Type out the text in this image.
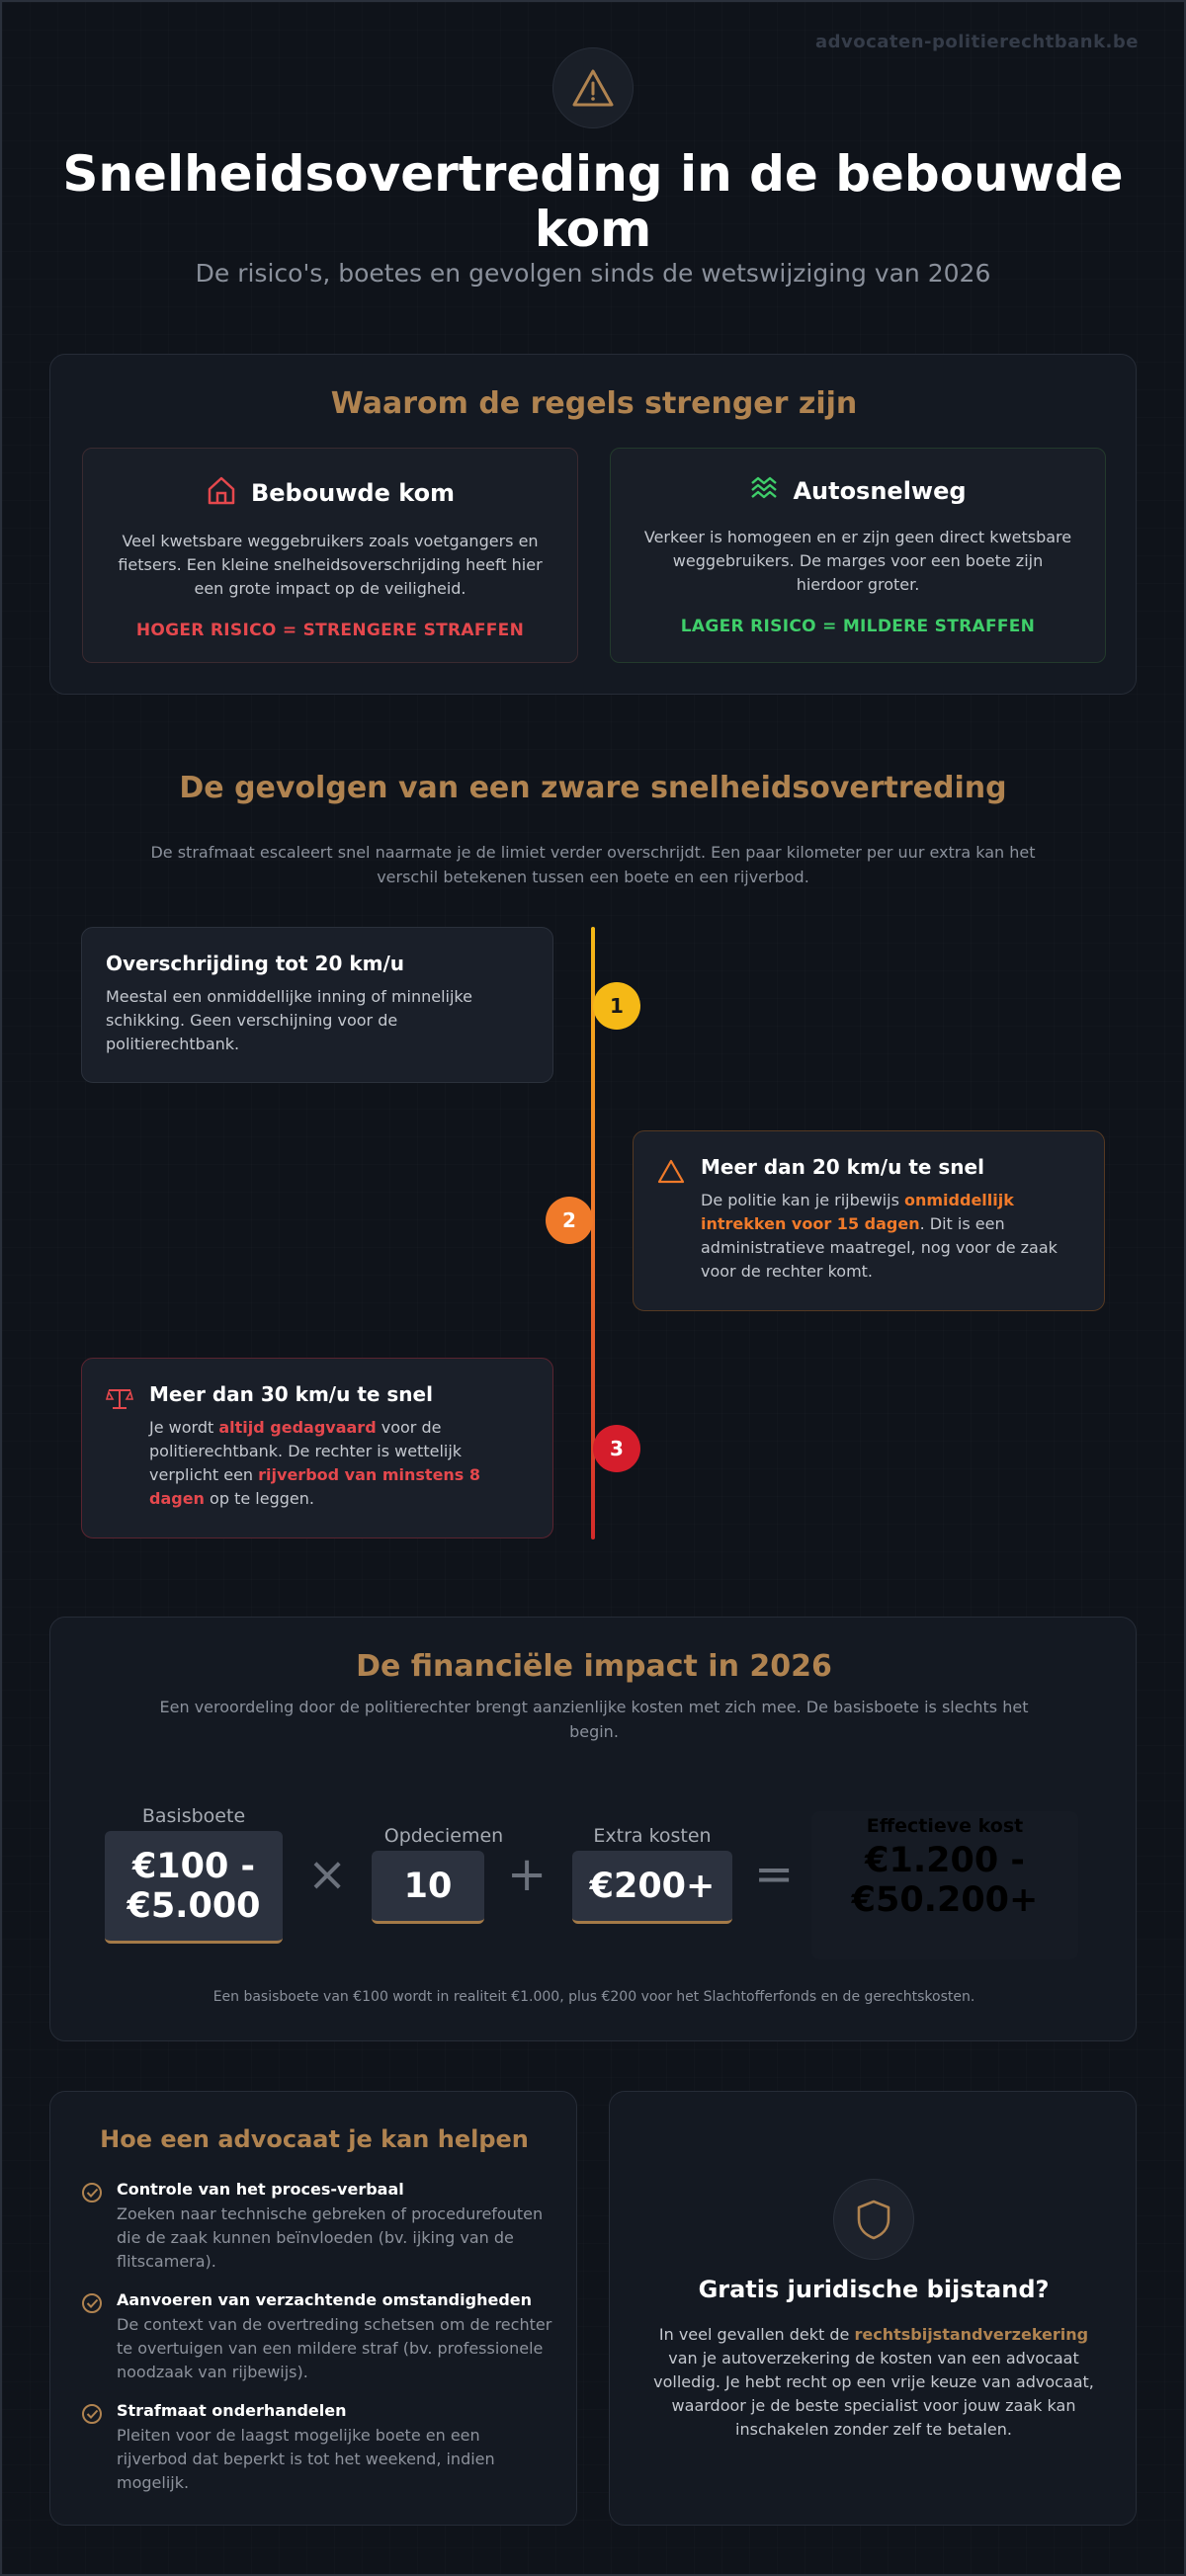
advocaten-politierechtbank.be
Snelheidsovertreding in de bebouwde kom
De risico's, boetes en gevolgen sinds de wetswijziging van 2026
Waarom de regels strenger zijn
Bebouwde kom
Veel kwetsbare weggebruikers zoals voetgangers en fietsers. Een kleine snelheidsoverschrijding heeft hier een grote impact op de veiligheid.
HOGER RISICO = STRENGERE STRAFFEN
Autosnelweg
Verkeer is homogeen en er zijn geen direct kwetsbare weggebruikers. De marges voor een boete zijn hierdoor groter.
LAGER RISICO = MILDERE STRAFFEN
De gevolgen van een zware snelheidsovertreding
De strafmaat escaleert snel naarmate je de limiet verder overschrijdt. Een paar kilometer per uur extra kan het verschil betekenen tussen een boete en een rijverbod.
1
2
3
Overschrijding tot 20 km/u
Meestal een onmiddellijke inning of minnelijke schikking. Geen verschijning voor de politierechtbank.
Meer dan 20 km/u te snel
De politie kan je rijbewijs onmiddellijk intrekken voor 15 dagen. Dit is een administratieve maatregel, nog voor de zaak voor de rechter komt.
Meer dan 30 km/u te snel
Je wordt altijd gedagvaard voor de politierechtbank. De rechter is wettelijk verplicht een rijverbod van minstens 8 dagen op te leggen.
De financiële impact in 2026
Een veroordeling door de politierechter brengt aanzienlijke kosten met zich mee. De basisboete is slechts het begin.
Basisboete
€100 - €5.000
×
Opdeciemen
10	+
Extra kosten
€200+ =
Effectieve kost
€1.200 - €50.200+
Een basisboete van €100 wordt in realiteit €1.000, plus €200 voor het Slachtofferfonds en de gerechtskosten.
Hoe een advocaat je kan helpen
Controle van het proces-verbaal
Zoeken naar technische gebreken of procedurefouten die de zaak kunnen beïnvloeden (bv. ijking van de flitscamera).
Aanvoeren van verzachtende omstandigheden
De context van de overtreding schetsen om de rechter te overtuigen van een mildere straf (bv. professionele noodzaak van rijbewijs).
Strafmaat onderhandelen
Pleiten voor de laagst mogelijke boete en een rijverbod dat beperkt is tot het weekend, indien mogelijk.
Gratis juridische bijstand?
In veel gevallen dekt de rechtsbijstandverzekering van je autoverzekering de kosten van een advocaat volledig. Je hebt recht op een vrije keuze van advocaat, waardoor je de beste specialist voor jouw zaak kan inschakelen zonder zelf te betalen.
